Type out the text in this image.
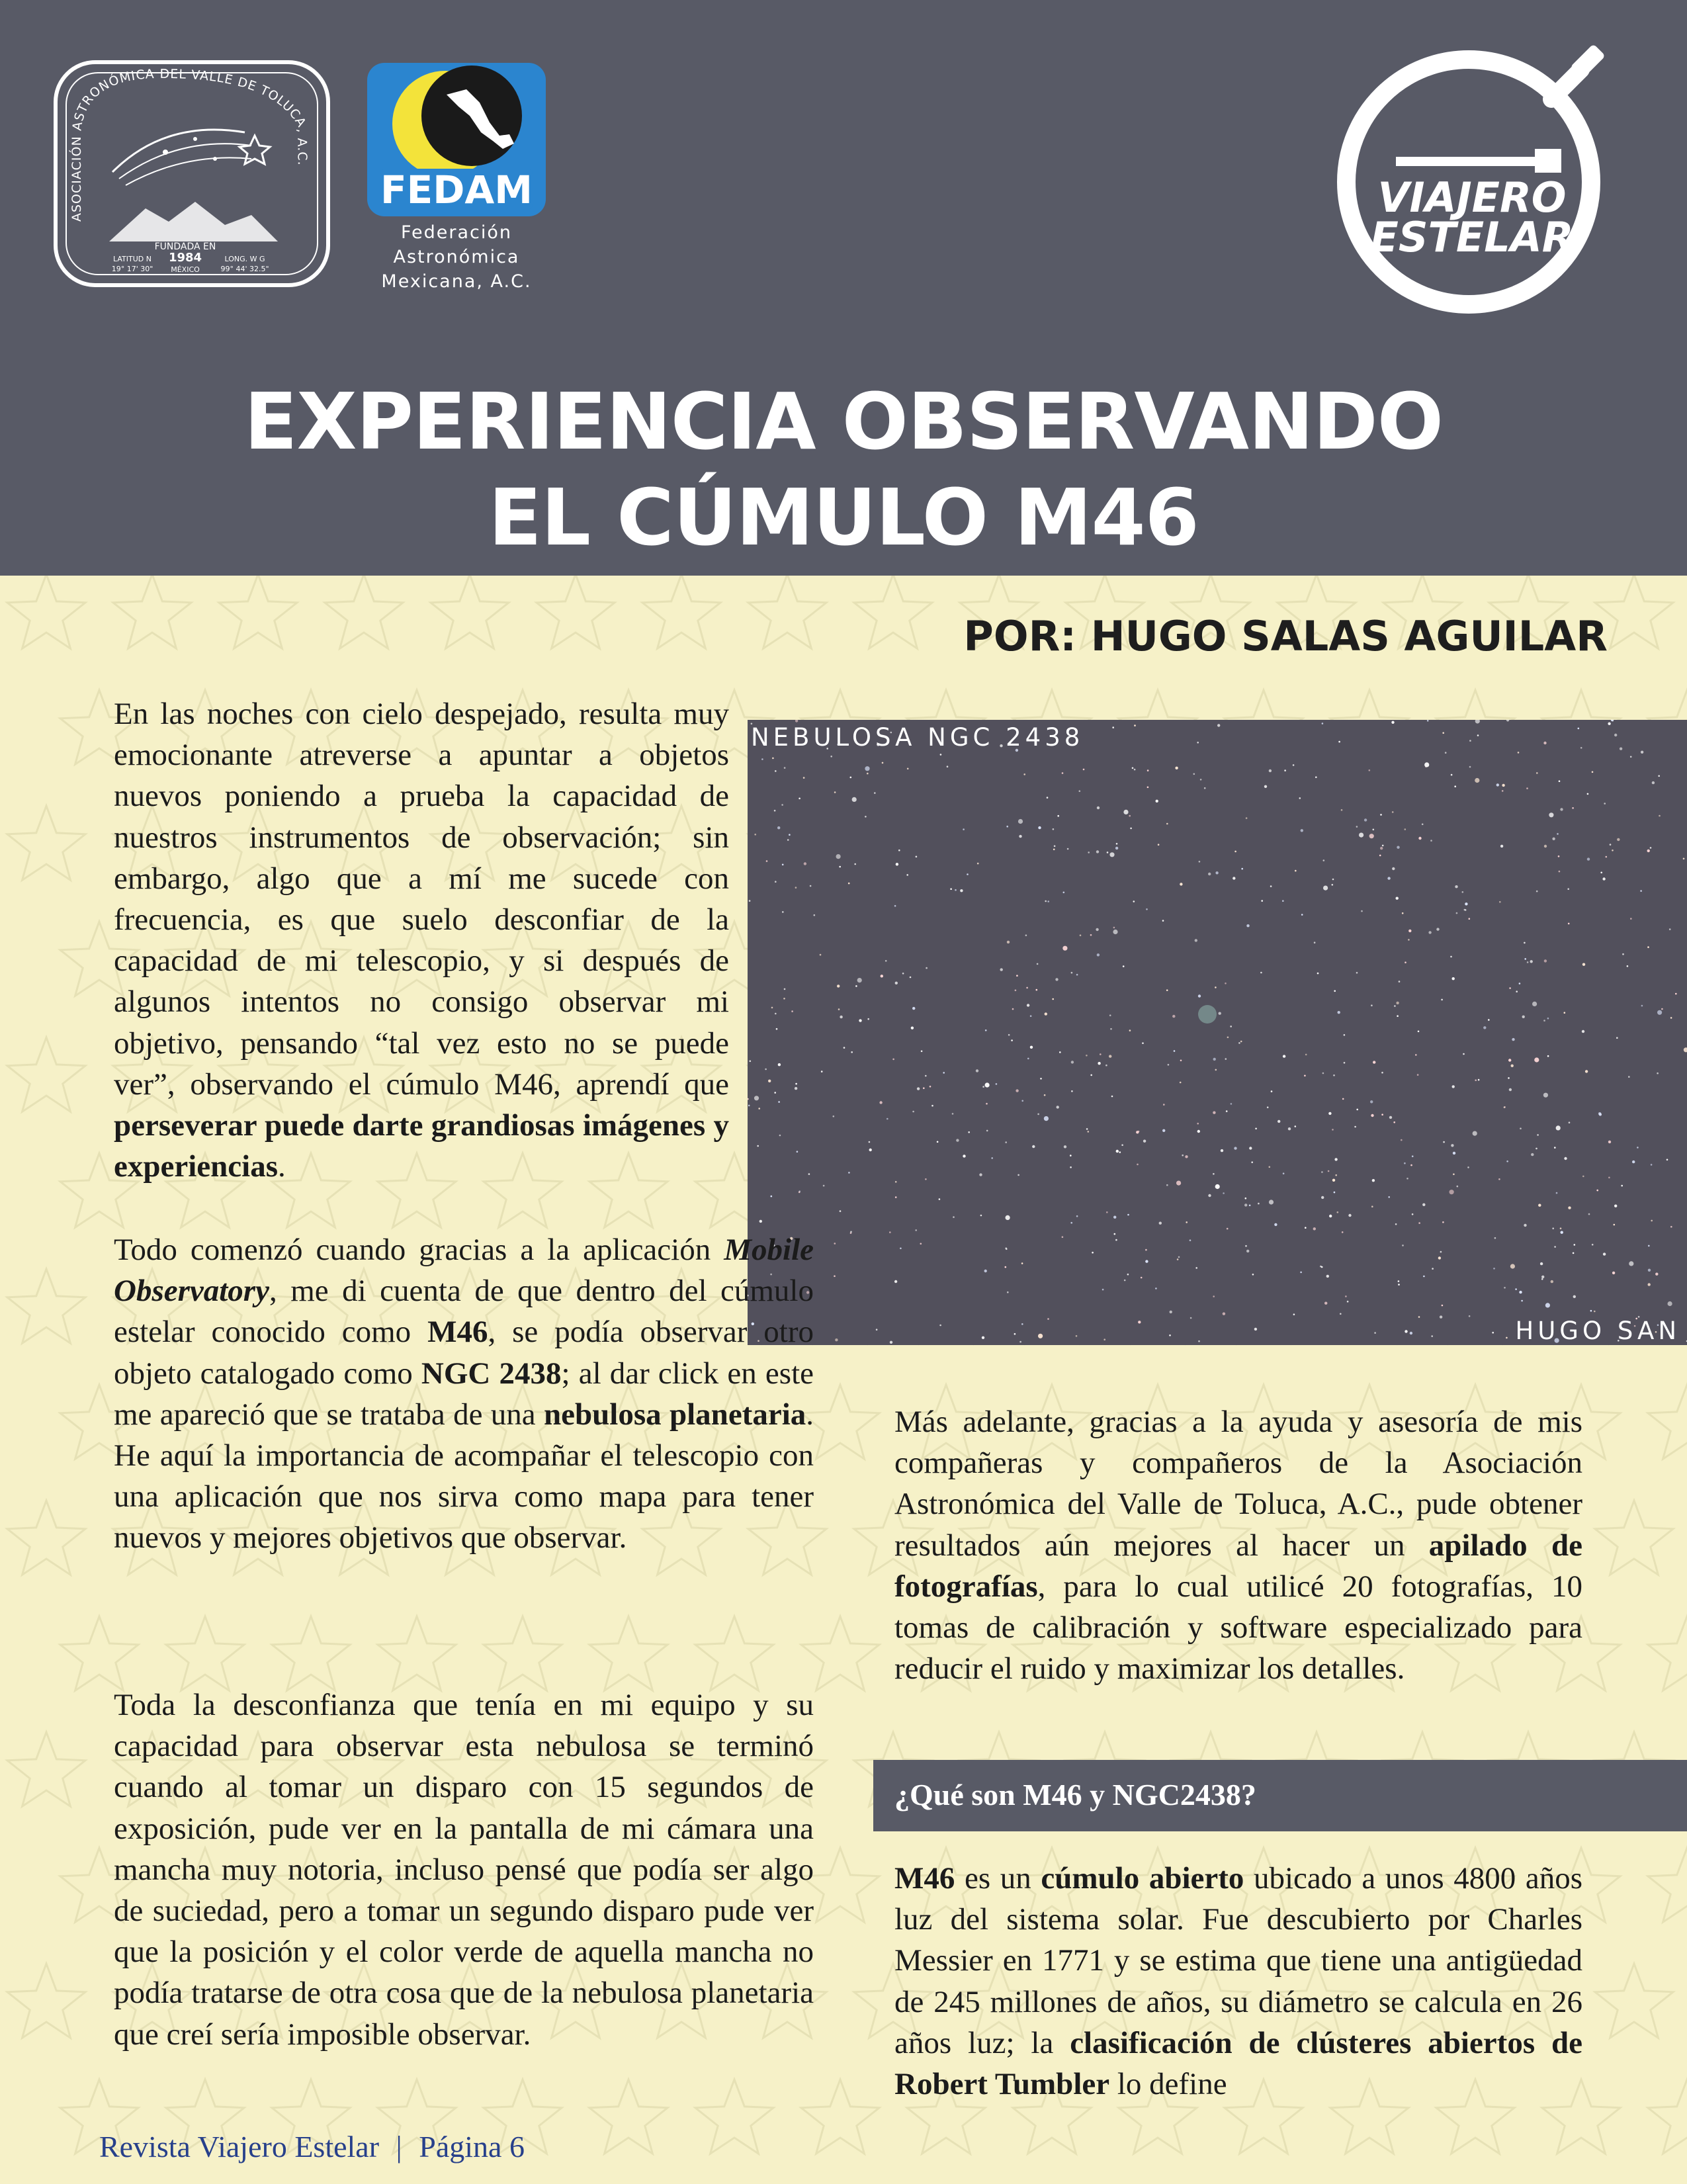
ASOCIACIÓN ASTRONÓMICA DEL VALLE DE TOLUCA, A.C.
FUNDADA EN
1984
MÉXICO
LATITUD N
19° 17' 30"
LONG. W G
99° 44' 32.5"
FEDAM
Federación
Astronómica
Mexicana, A.C.
VIAJERO
ESTELAR
EXPERIENCIA OBSERVANDO
EL CÚMULO M46
POR: HUGO SALAS AGUILAR
NEBULOSA NGC 2438
HUGO SAN

En las noches con cielo despejado, resulta muy emocionante atreverse a apuntar a objetos nuevos poniendo a prueba la capacidad de nuestros instrumentos de observación; sin embargo, algo que a mí me sucede con frecuencia, es que suelo desconfiar de la capacidad de mi telescopio, y si después de algunos intentos no consigo observar mi objetivo, pensando “tal vez esto no se puede ver”, observando el cúmulo M46, aprendí que perseverar puede darte grandiosas imágenes y experiencias.

Todo comenzó cuando gracias a la aplicación Mobile Observatory, me di cuenta de que dentro del cúmulo estelar conocido como M46, se podía observar otro objeto catalogado como NGC 2438; al dar click en este me apareció que se trataba de una nebulosa planetaria. He aquí la importancia de acompañar el telescopio con una aplicación que nos sirva como mapa para tener nuevos y mejores objetivos que observar.

Toda la desconfianza que tenía en mi equipo y su capacidad para observar esta nebulosa se terminó cuando al tomar un disparo con 15 segundos de exposición, pude ver en la pantalla de mi cámara una mancha muy notoria, incluso pensé que podía ser algo de suciedad, pero a tomar un segundo disparo pude ver que la posición y el color verde de aquella mancha no podía tratarse de otra cosa que de la nebulosa planetaria que creí sería imposible observar.

Más adelante, gracias a la ayuda y asesoría de mis compañeras y compañeros de la Asociación Astronómica del Valle de Toluca, A.C., pude obtener resultados aún mejores al hacer un apilado de fotografías, para lo cual utilicé 20 fotografías, 10 tomas de calibración y software especializado para reducir el ruido y maximizar los detalles.

¿Qué son M46 y NGC2438?

M46 es un cúmulo abierto ubicado a unos 4800 años luz del sistema solar. Fue descubierto por Charles Messier en 1771 y se estima que tiene una antigüedad de 245 millones de años, su diámetro se calcula en 26 años luz; la clasificación de clústeres abiertos de Robert Tumbler lo define

Revista Viajero Estelar | Página 6
